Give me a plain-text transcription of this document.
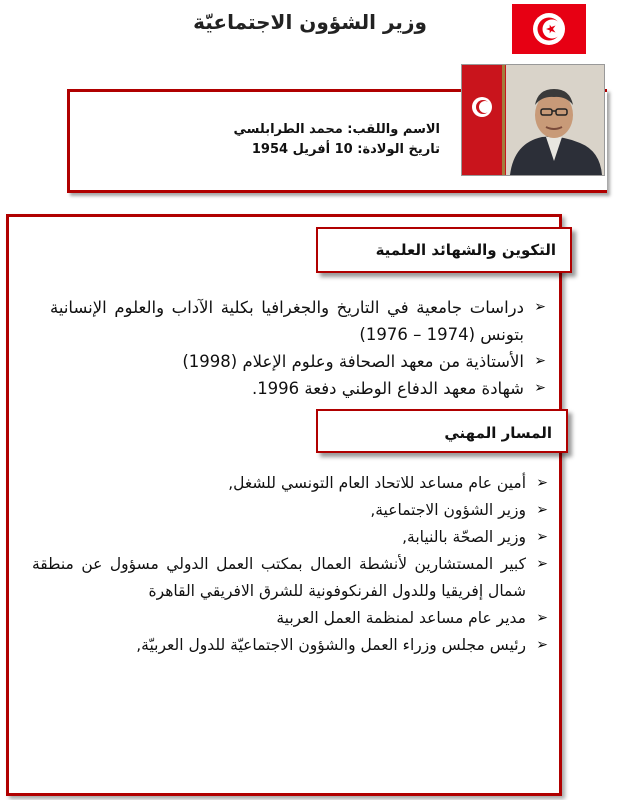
وزير الشؤون الاجتماعيّة
الاسم واللقب: محمد الطرابلسي
تاريخ الولادة: 10 أفريل 1954
التكوين والشهائد العلمية
➢
دراسات جامعية في التاريخ والجغرافيا بكلية الآداب والعلوم الإنسانية بتونس (1974 – 1976)
➢
الأستاذية من معهد الصحافة وعلوم الإعلام (1998)
➢
شهادة معهد الدفاع الوطني دفعة 1996.
المسار المهني
➢
أمين عام مساعد للاتحاد العام التونسي للشغل,
➢
وزير الشؤون الاجتماعية,
➢
وزير الصحّة بالنيابة,
➢
كبير المستشارين لأنشطة العمال بمكتب العمل الدولي مسؤول عن منطقة شمال إفريقيا وللدول الفرنكوفونية للشرق الافريقي القاهرة
➢
مدير عام مساعد لمنظمة العمل العربية
➢
رئيس مجلس وزراء العمل والشؤون الاجتماعيّة للدول العربيّة,
